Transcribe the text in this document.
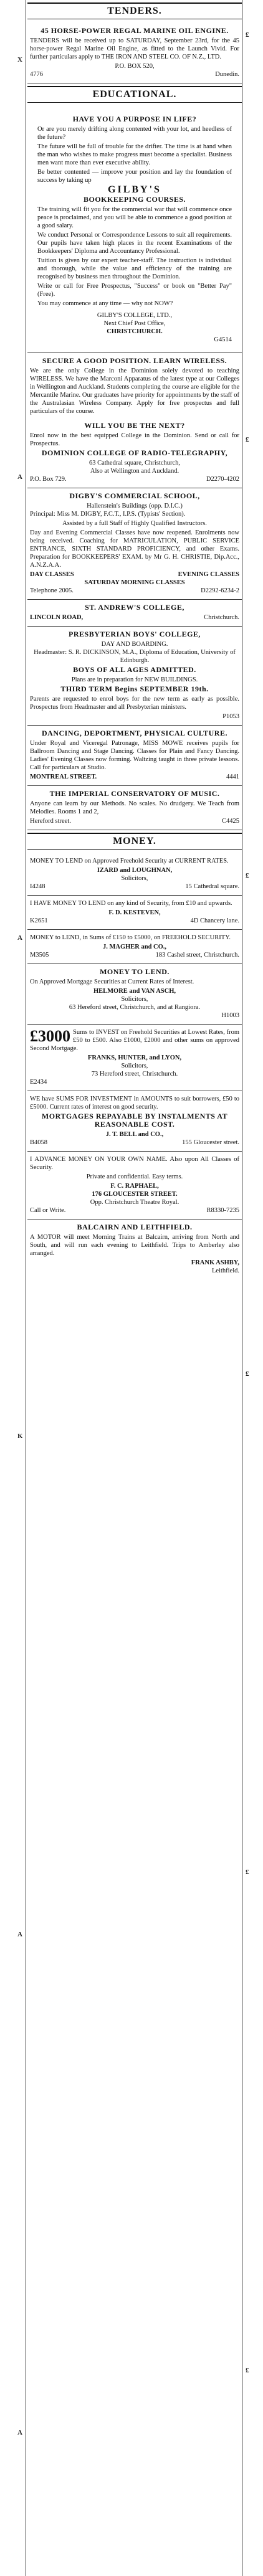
X
A
A
K
A
A
£
£
£
£
£
£
TENDERS.
45 HORSE-POWER REGAL MARINE OIL ENGINE.

TENDERS will be received up to SATURDAY, September 23rd, for the 45 horse-power Regal Marine Oil Engine, as fitted to the Launch Vivid. For further particulars apply to THE IRON AND STEEL CO. OF N.Z., LTD.

P.O. BOX 520,
4776	Dunedin.
EDUCATIONAL.
HAVE YOU A PURPOSE IN LIFE?

Or are you merely drifting along contented with your lot, and heedless of the future?

The future will be full of trouble for the drifter. The time is at hand when the man who wishes to make progress must become a specialist. Business men want more than ever executive ability.

Be better contented — improve your position and lay the foundation of success by taking up

GILBY'S
BOOKKEEPING COURSES.

The training will fit you for the commercial war that will commence once peace is proclaimed, and you will be able to commence a good position at a good salary.

We conduct Personal or Correspondence Lessons to suit all requirements. Our pupils have taken high places in the recent Examinations of the Bookkeepers' Diploma and Accountancy Professional.

Tuition is given by our expert teacher-staff. The instruction is individual and thorough, while the value and efficiency of the training are recognised by business men throughout the Dominion.

Write or call for Free Prospectus, "Success" or book on "Better Pay" (Free).

You may commence at any time — why not NOW?

GILBY'S COLLEGE, LTD.,
Next Chief Post Office,
CHRISTCHURCH.
G4514
SECURE A GOOD POSITION. LEARN WIRELESS.

We are the only College in the Dominion solely devoted to teaching WIRELESS. We have the Marconi Apparatus of the latest type at our Colleges in Wellington and Auckland. Students completing the course are eligible for the Mercantile Marine. Our graduates have priority for appointments by the staff of the Australasian Wireless Company. Apply for free prospectus and full particulars of the course.

WILL YOU BE THE NEXT?

Enrol now in the best equipped College in the Dominion. Send or call for Prospectus.

DOMINION COLLEGE OF RADIO-TELEGRAPHY,
63 Cathedral square, Christchurch,
Also at Wellington and Auckland.
P.O. Box 729.	D2270-4202
DIGBY'S COMMERCIAL SCHOOL,
Hallenstein's Buildings (opp. D.I.C.)

Principal: Miss M. DIGBY, F.C.T., I.P.S. (Typists' Section).

Assisted by a full Staff of Highly Qualified Instructors.

Day and Evening Commercial Classes have now reopened. Enrolments now being received. Coaching for MATRICULATION, PUBLIC SERVICE ENTRANCE, SIXTH STANDARD PROFICIENCY, and other Exams. Preparation for BOOKKEEPERS' EXAM. by Mr G. H. CHRISTIE, Dip.Acc., A.N.Z.A.A.

DAY CLASSES	EVENING CLASSES
SATURDAY MORNING CLASSES
Telephone 2005.	D2292-6234-2
ST. ANDREW'S COLLEGE,
LINCOLN ROAD,	Christchurch.
PRESBYTERIAN BOYS' COLLEGE,
DAY AND BOARDING.

Headmaster: S. R. DICKINSON, M.A., Diploma of Education, University of Edinburgh.

BOYS OF ALL AGES ADMITTED.

Plans are in preparation for NEW BUILDINGS.

THIRD TERM Begins SEPTEMBER 19th.

Parents are requested to enrol boys for the new term as early as possible. Prospectus from Headmaster and all Presbyterian ministers.

P1053
DANCING, DEPORTMENT, PHYSICAL CULTURE.

Under Royal and Viceregal Patronage, MISS MOWE receives pupils for Ballroom Dancing and Stage Dancing. Classes for Plain and Fancy Dancing. Ladies' Evening Classes now forming. Waltzing taught in three private lessons. Call for particulars at Studio.

MONTREAL STREET.	4441
THE IMPERIAL CONSERVATORY OF MUSIC.

Anyone can learn by our Methods. No scales. No drudgery. We Teach from Melodies. Rooms 1 and 2,

Hereford street.	C4425
MONEY.

MONEY TO LEND on Approved Freehold Security at CURRENT RATES.

IZARD and LOUGHNAN,
Solicitors,
I4248	15 Cathedral square.

I HAVE MONEY TO LEND on any kind of Security, from £10 and upwards.

F. D. KESTEVEN,
K2651	4D Chancery lane.

MONEY to LEND, in Sums of £150 to £5000, on FREEHOLD SECURITY.

J. MAGHER and CO.,
M3505	183 Cashel street, Christchurch.
MONEY TO LEND.

On Approved Mortgage Securities at Current Rates of Interest.

HELMORE and VAN ASCH,
Solicitors,
63 Hereford street, Christchurch, and at Rangiora.
H1003

£3000 Sums to INVEST on Freehold Securities at Lowest Rates, from £50 to £500. Also £1000, £2000 and other sums on approved Second Mortgage.

FRANKS, HUNTER, and LYON,
Solicitors,
73 Hereford street, Christchurch.
E2434

WE have SUMS FOR INVESTMENT in AMOUNTS to suit borrowers, £50 to £5000. Current rates of interest on good security.

MORTGAGES REPAYABLE BY INSTALMENTS AT REASONABLE COST.
J. T. BELL and CO.,
B4058	155 Gloucester street.

I ADVANCE MONEY ON YOUR OWN NAME. Also upon All Classes of Security.

Private and confidential. Easy terms.

F. C. RAPHAEL,
176 GLOUCESTER STREET.
Opp. Christchurch Theatre Royal.
Call or Write.	R8330-7235
BALCAIRN AND LEITHFIELD.

A MOTOR will meet Morning Trains at Balcairn, arriving from North and South, and will run each evening to Leithfield. Trips to Amberley also arranged.

FRANK ASHBY,
Leithfield.
